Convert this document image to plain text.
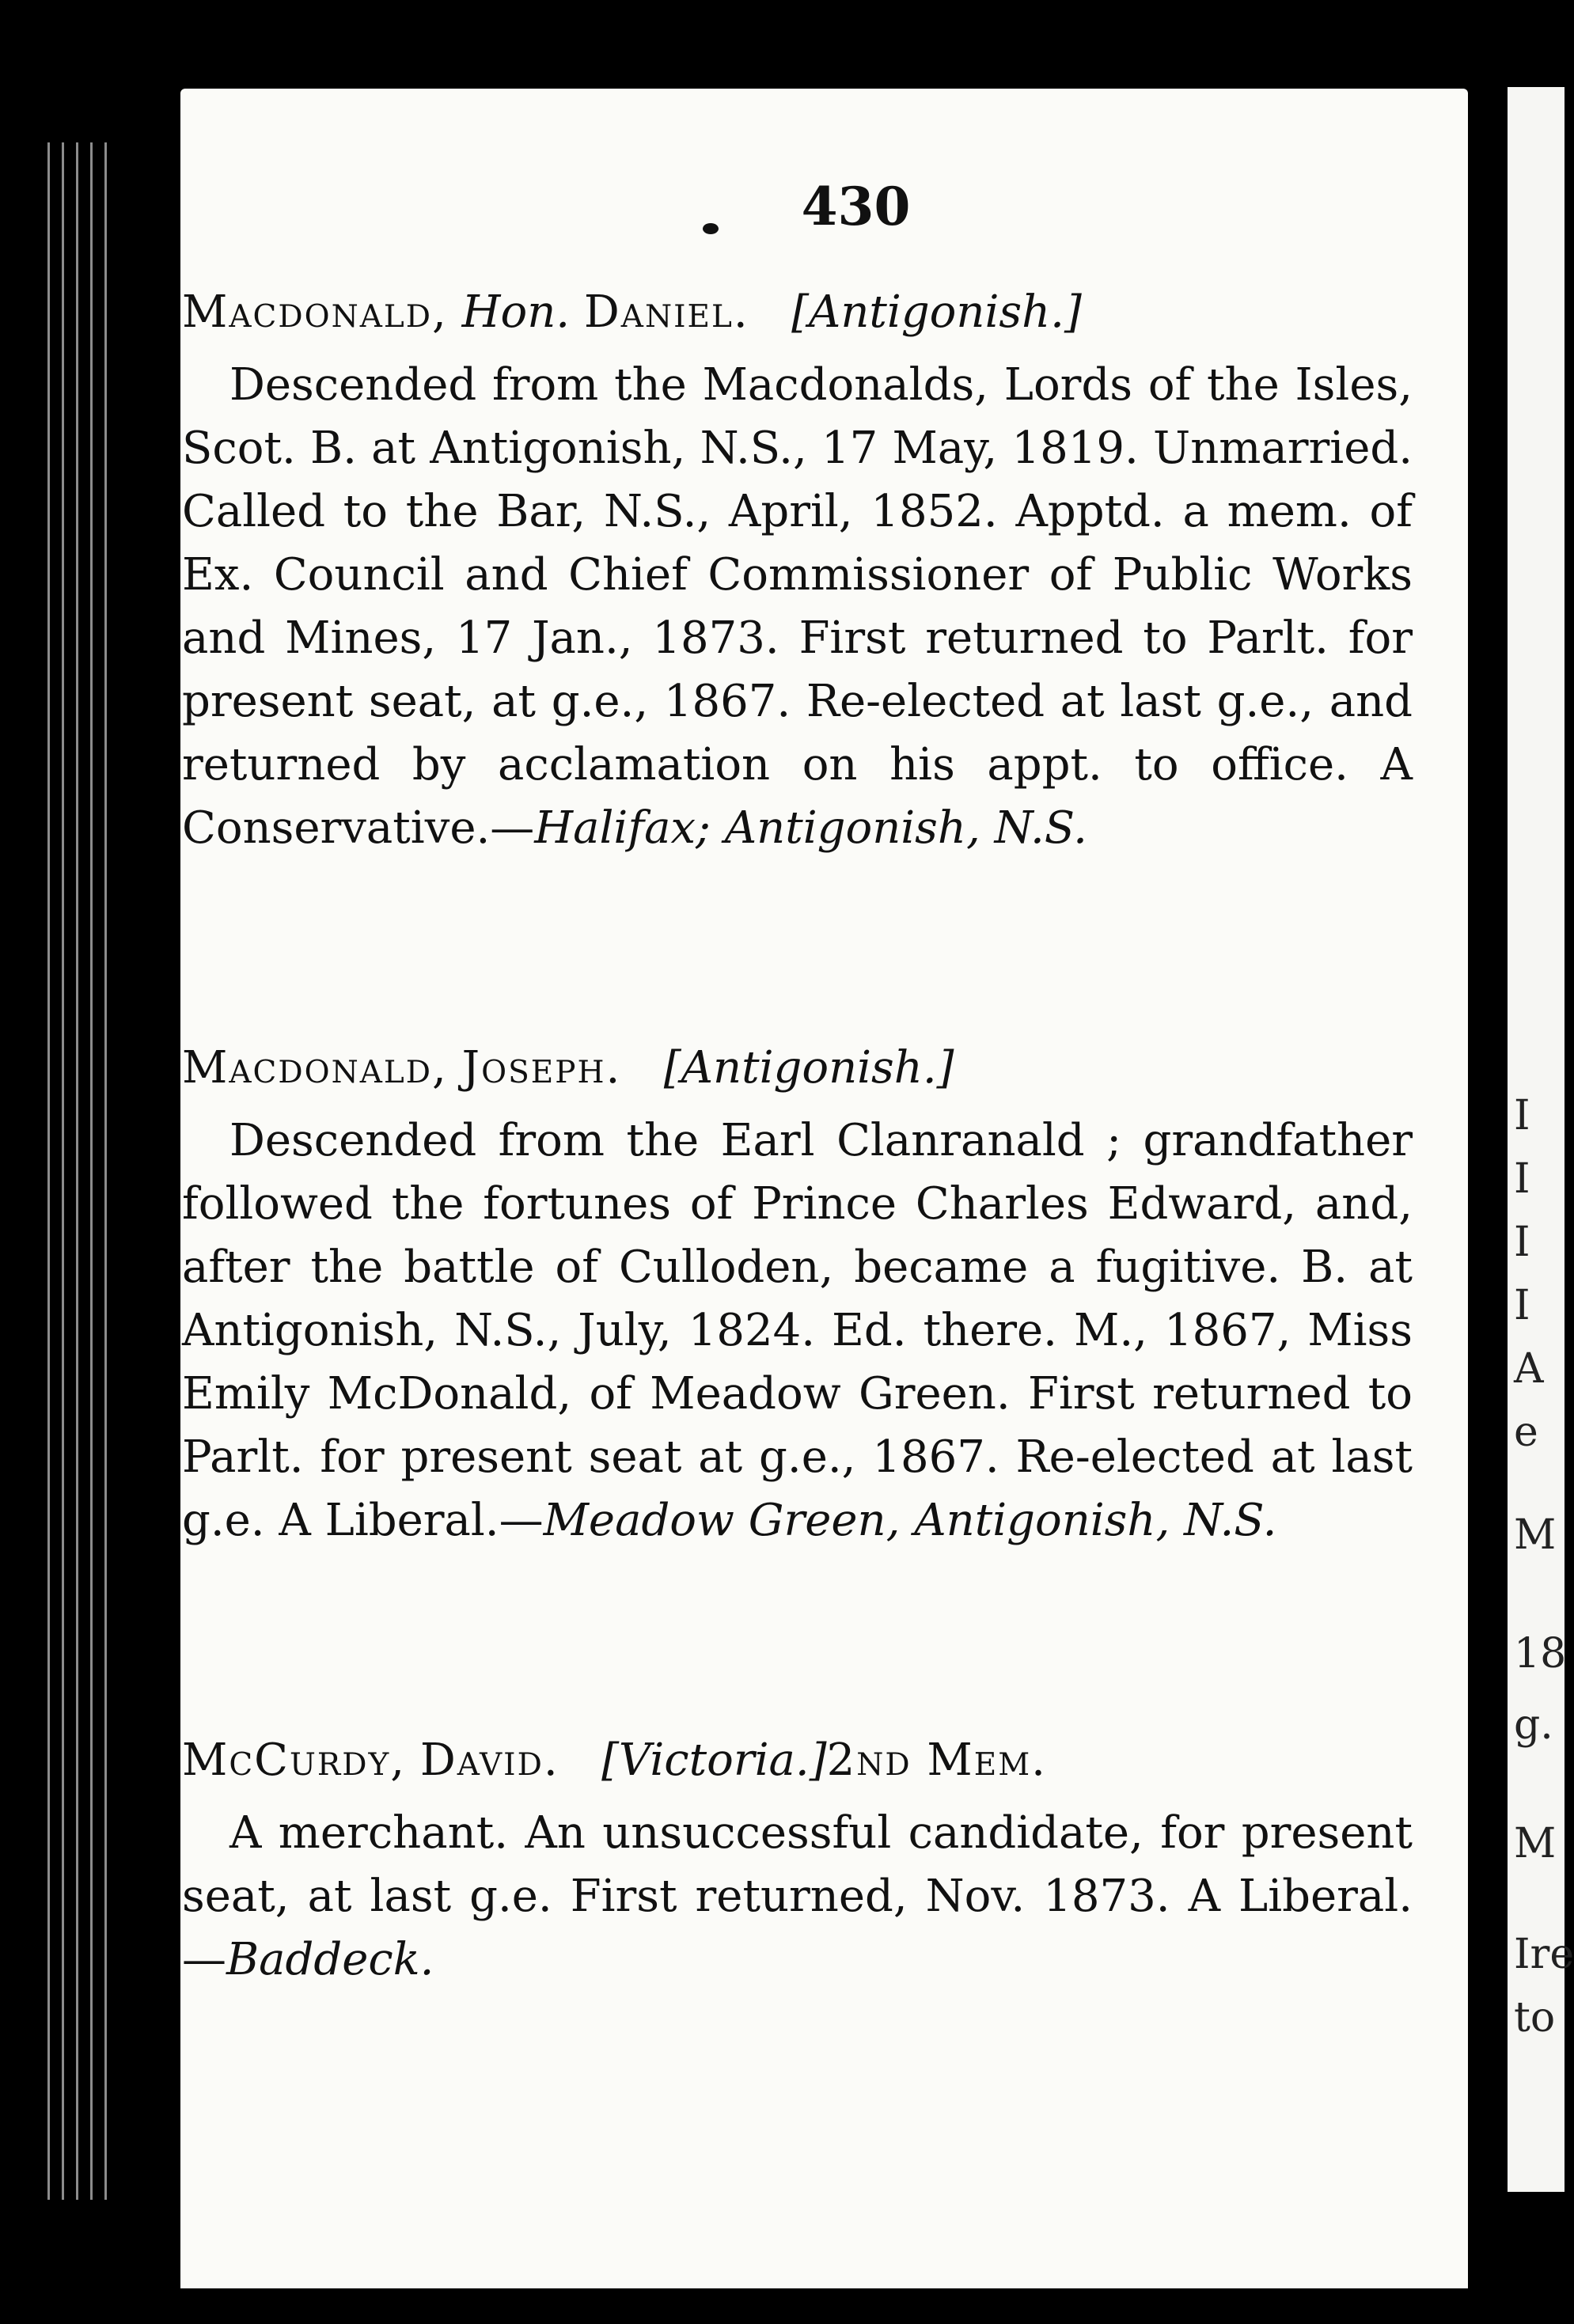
I
I
I
I
A
e
M
18
g.
M
Ire
to
430
Macdonald, Hon. Daniel. [Antigonish.]
Descended from the Macdonalds, Lords of the Isles, Scot. B. at Antigonish, N.S., 17 May, 1819. Unmarried. Called to the Bar, N.S., April, 1852. Apptd. a mem. of Ex. Council and Chief Commissioner of Public Works and Mines, 17 Jan., 1873. First returned to Parlt. for present seat, at g.e., 1867. Re-elected at last g.e., and returned by acclamation on his appt. to office. A Conservative.—Halifax; Antigonish, N.S.
Macdonald, Joseph. [Antigonish.]
Descended from the Earl Clanranald ; grandfather followed the fortunes of Prince Charles Edward, and, after the battle of Culloden, became a fugitive. B. at Antigonish, N.S., July, 1824. Ed. there. M., 1867, Miss Emily McDonald, of Meadow Green. First returned to Parlt. for present seat at g.e., 1867. Re-elected at last g.e. A Liberal.—Meadow Green, Antigonish, N.S.
McCurdy, David. [Victoria.]2nd Mem.
A merchant. An unsuccessful candidate, for present seat, at last g.e. First returned, Nov. 1873. A Liberal.—Baddeck.
